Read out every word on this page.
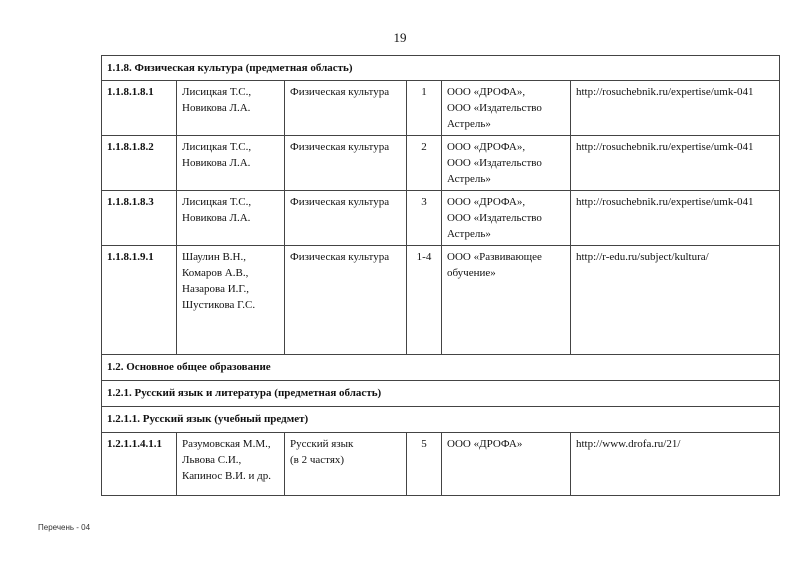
19
1.1.8. Физическая культура (предметная область)					
1.1.8.1.8.1	Лисицкая Т.С.,
Новикова Л.А.	Физическая культура	1	ООО «ДРОФА»,
ООО «Издательство
Астрель»	http://rosuchebnik.ru/expertise/umk-041
1.1.8.1.8.2	Лисицкая Т.С.,
Новикова Л.А.	Физическая культура	2	ООО «ДРОФА»,
ООО «Издательство
Астрель»	http://rosuchebnik.ru/expertise/umk-041
1.1.8.1.8.3	Лисицкая Т.С.,
Новикова Л.А.	Физическая культура	3	ООО «ДРОФА»,
ООО «Издательство
Астрель»	http://rosuchebnik.ru/expertise/umk-041
1.1.8.1.9.1	Шаулин В.Н.,
Комаров А.В.,
Назарова И.Г.,
Шустикова Г.С.	Физическая культура	1-4	ООО «Развивающее
обучение»	http://r-edu.ru/subject/kultura/
1.2. Основное общее образование					
1.2.1. Русский язык и литература (предметная область)					
1.2.1.1. Русский язык (учебный предмет)					
1.2.1.1.4.1.1	Разумовская М.М.,
Львова С.И.,
Капинос В.И. и др.	Русский язык
(в 2 частях)	5	ООО «ДРОФА»	http://www.drofa.ru/21/
Перечень - 04
